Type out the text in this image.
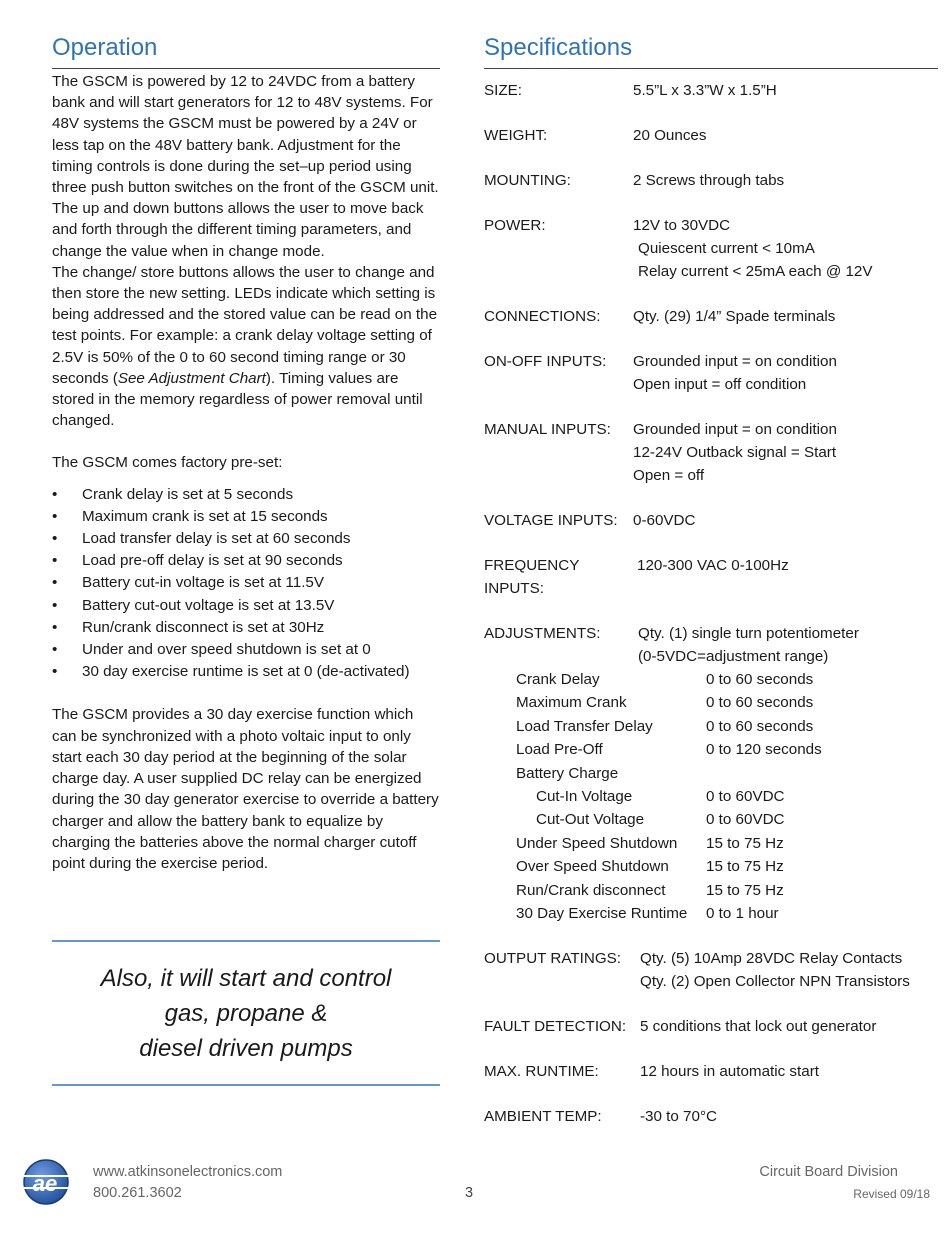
Operation

The GSCM is powered by 12 to 24VDC from a battery bank and will start generators for 12 to 48V systems. For 48V systems the GSCM must be powered by a 24V or less tap on the 48V battery bank. Adjustment for the timing controls is done during the set–up period using three push button switches on the front of the GSCM unit. The up and down buttons allows the user to move back and forth through the different timing parameters, and change the value when in change mode.

The change/ store buttons allows the user to change and then store the new setting. LEDs indicate which setting is being addressed and the stored value can be read on the test points. For example: a crank delay voltage setting of 2.5V is 50% of the 0 to 60 second timing range or 30 seconds (See Adjustment Chart). Timing values are stored in the memory regardless of power removal until changed.

The GSCM comes factory pre-set:

• Crank delay is set at 5 seconds
• Maximum crank is set at 15 seconds
• Load transfer delay is set at 60 seconds
• Load pre-off delay is set at 90 seconds
• Battery cut-in voltage is set at 11.5V
• Battery cut-out voltage is set at 13.5V
• Run/crank disconnect is set at 30Hz
• Under and over speed shutdown is set at 0
• 30 day exercise runtime is set at 0 (de-activated)

The GSCM provides a 30 day exercise function which can be synchronized with a photo voltaic input to only start each 30 day period at the beginning of the solar charge day. A user supplied DC relay can be energized during the 30 day generator exercise to override a battery charger and allow the battery bank to equalize by charging the batteries above the normal charger cutoff point during the exercise period.

Also, it will start and control
gas, propane &
diesel driven pumps
Specifications
SIZE:	5.5”L x 3.3”W x 1.5”H
WEIGHT:	20 Ounces
MOUNTING:	2 Screws through tabs
POWER:	12V to 30VDC
Quiescent current < 10mA
Relay current < 25mA each @ 12V
CONNECTIONS:	Qty. (29) 1/4” Spade terminals
ON-OFF INPUTS:	Grounded input = on condition
Open input = off condition
MANUAL INPUTS:	Grounded input = on condition
12-24V Outback signal = Start
Open = off
VOLTAGE INPUTS:	0-60VDC
FREQUENCY INPUTS:
120-300 VAC 0-100Hz
ADJUSTMENTS:	Qty. (1) single turn potentiometer
(0-5VDC=adjustment range)
Crank Delay	0 to 60 seconds
Maximum Crank	0 to 60 seconds
Load Transfer Delay	0 to 60 seconds
Load Pre-Off	0 to 120 seconds
Battery Charge
Cut-In Voltage	0 to 60VDC
Cut-Out Voltage	0 to 60VDC
Under Speed Shutdown	15 to 75 Hz
Over Speed Shutdown	15 to 75 Hz
Run/Crank disconnect	15 to 75 Hz
30 Day Exercise Runtime	0 to 1 hour
OUTPUT RATINGS:	Qty. (5) 10Amp 28VDC Relay Contacts
Qty. (2) Open Collector NPN Transistors
FAULT DETECTION: 5 conditions that lock out generator
MAX. RUNTIME:	12 hours in automatic start
AMBIENT TEMP:	-30 to 70°C
ae www.atkinsonelectronics.com
800.261.3602	3
Circuit Board Division
Revised 09/18
